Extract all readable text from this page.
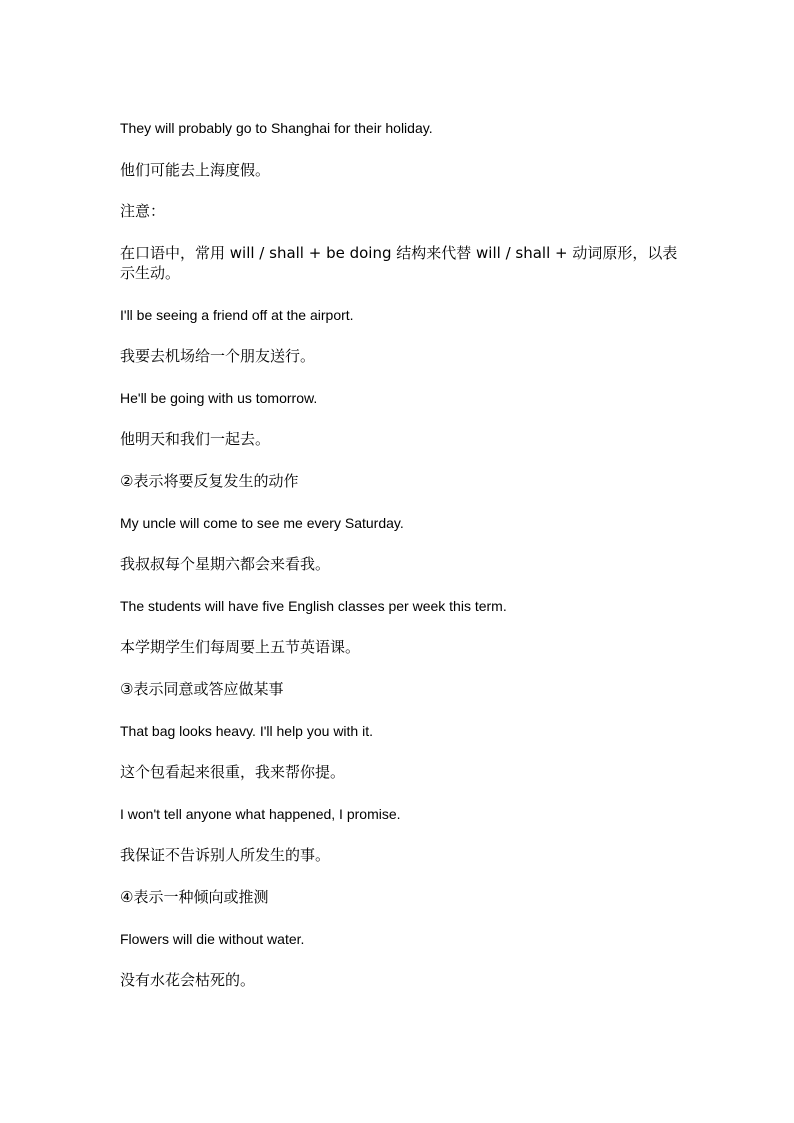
They will probably go to Shanghai for their holiday.
他们可能去上海度假。
注意：
在口语中，常用 will / shall + be doing 结构来代替 will / shall + 动词原形，以表示生动。
I'll be seeing a friend off at the airport.
我要去机场给一个朋友送行。
He'll be going with us tomorrow.
他明天和我们一起去。
②表示将要反复发生的动作
My uncle will come to see me every Saturday.
我叔叔每个星期六都会来看我。
The students will have five English classes per week this term.
本学期学生们每周要上五节英语课。
③表示同意或答应做某事
That bag looks heavy. I'll help you with it.
这个包看起来很重，我来帮你提。
I won't tell anyone what happened, I promise.
我保证不告诉别人所发生的事。
④表示一种倾向或推测
Flowers will die without water.
没有水花会枯死的。
